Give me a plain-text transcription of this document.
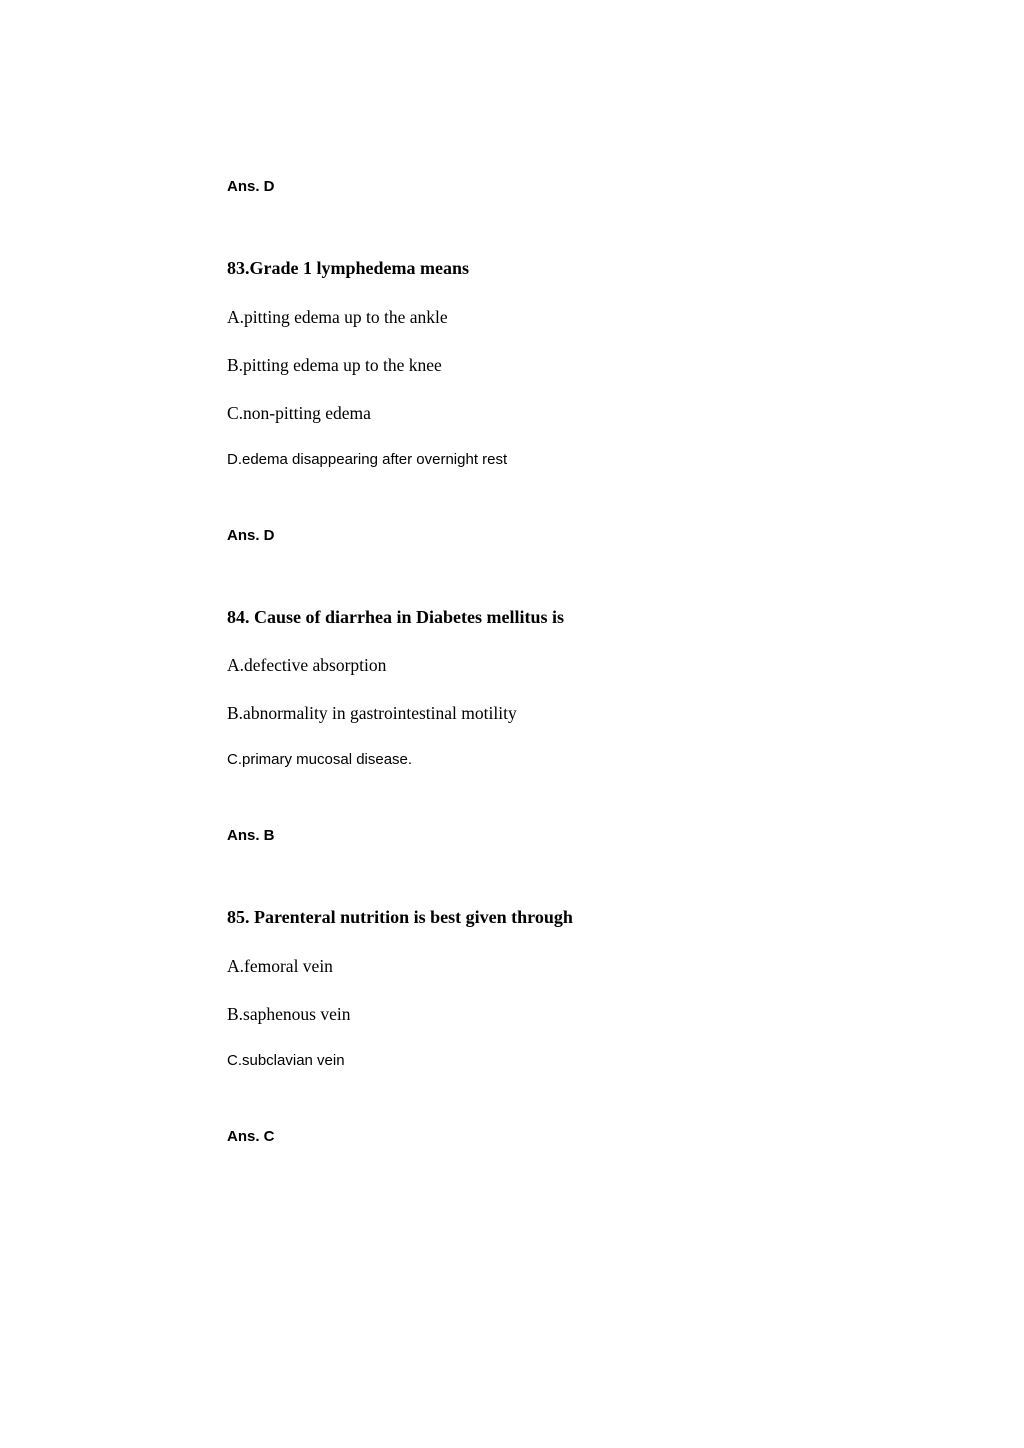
Ans. D

83.Grade 1 lymphedema means

A.pitting edema up to the ankle

B.pitting edema up to the knee

C.non-pitting edema

D.edema disappearing after overnight rest

Ans. D

84. Cause of diarrhea in Diabetes mellitus is

A.defective absorption

B.abnormality in gastrointestinal motility

C.primary mucosal disease.

Ans. B

85. Parenteral nutrition is best given through

A.femoral vein

B.saphenous vein

C.subclavian vein

Ans. C
